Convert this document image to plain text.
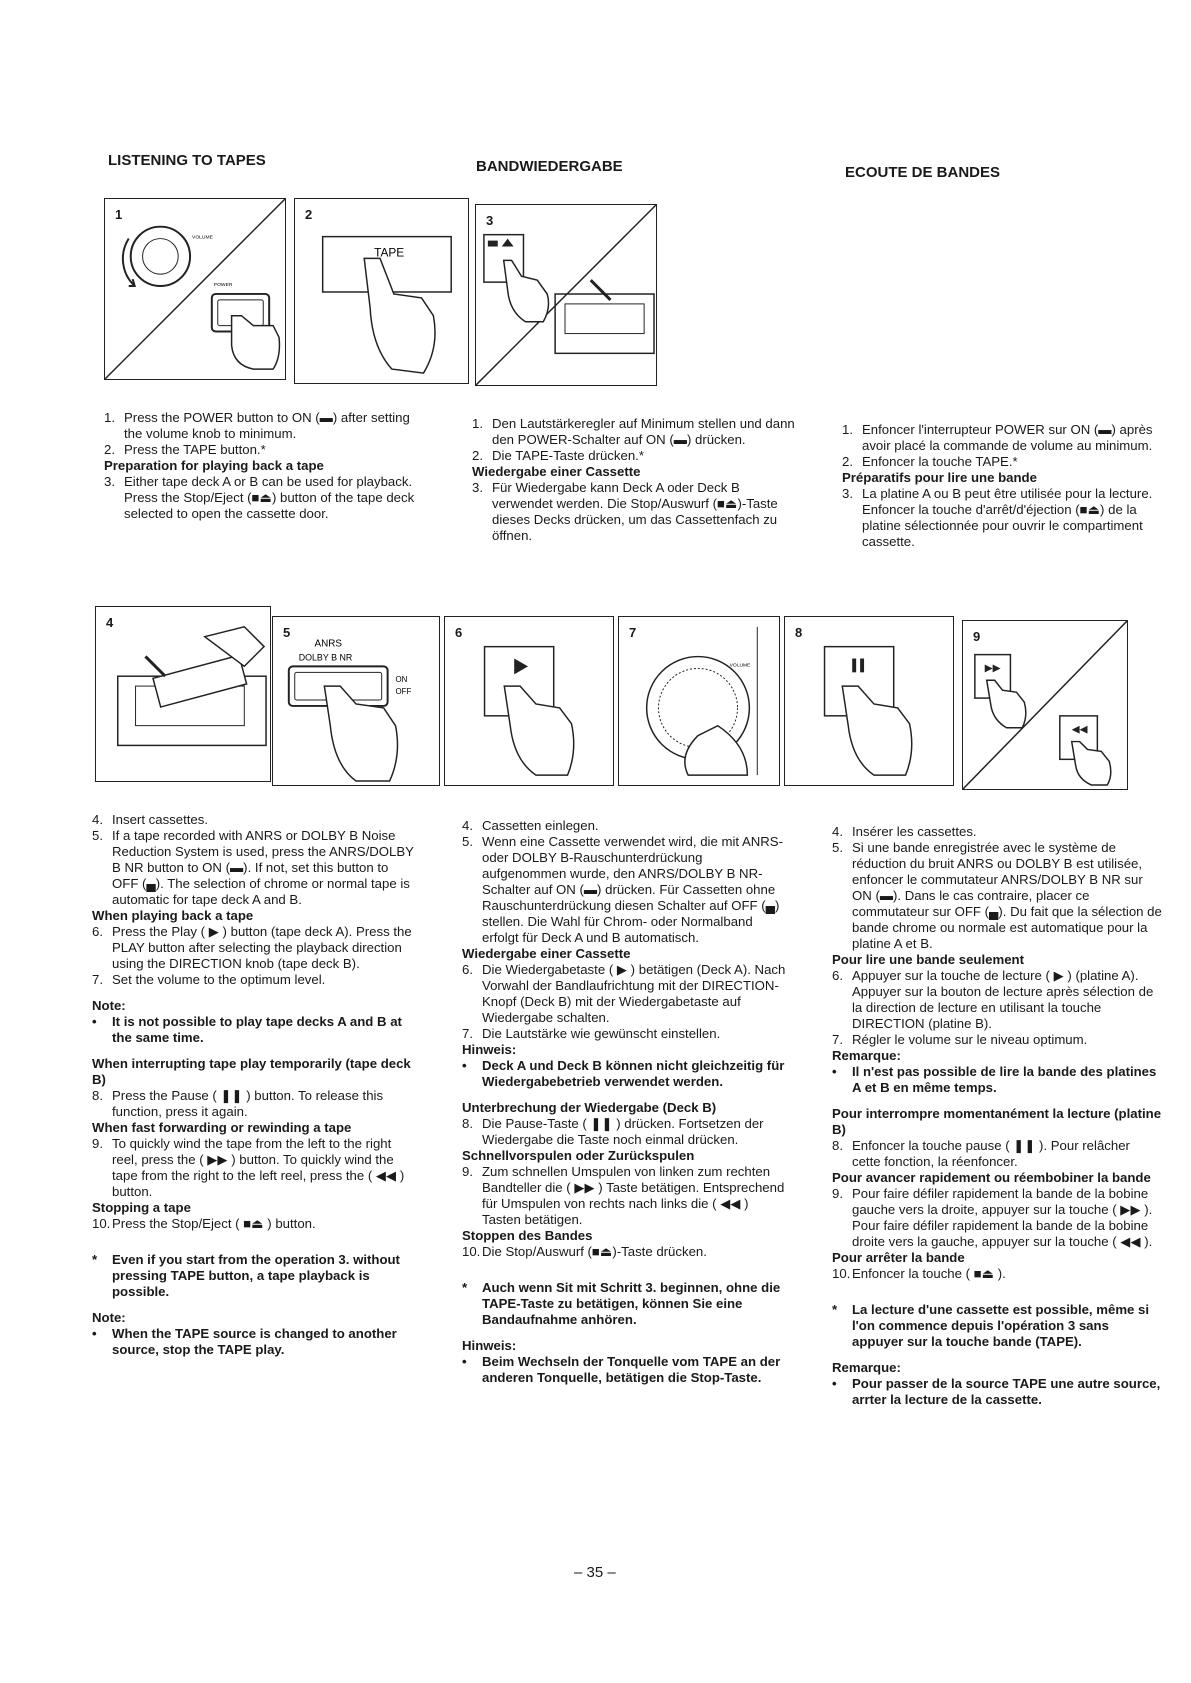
LISTENING TO TAPES	BANDWIEDERGABE	ECOUTE DE BANDES
1
VOLUME
POWER
2
TAPE
3
1. Press the POWER button to ON (▬) after setting the volume knob to minimum.
2. Press the TAPE button.*
Preparation for playing back a tape
3. Either tape deck A or B can be used for playback. Press the Stop/Eject (■⏏) button of the tape deck selected to open the cassette door.
1. Den Lautstärkeregler auf Minimum stellen und dann den POWER-Schalter auf ON (▬) drücken.
2. Die TAPE-Taste drücken.*
Wiedergabe einer Cassette
3. Für Wiedergabe kann Deck A oder Deck B verwendet werden. Die Stop/Auswurf (■⏏)-Taste dieses Decks drücken, um das Cassettenfach zu öffnen.
1. Enfoncer l'interrupteur POWER sur ON (▬) après avoir placé la commande de volume au minimum.
2. Enfoncer la touche TAPE.*
Préparatifs pour lire une bande
3. La platine A ou B peut être utilisée pour la lecture. Enfoncer la touche d'arrêt/d'éjection (■⏏) de la platine sélectionnée pour ouvrir le compartiment cassette.
4
5
ANRS
DOLBY B NR
ON
OFF
6	7
VOLUME
8	9
4. Insert cassettes.
5. If a tape recorded with ANRS or DOLBY B Noise Reduction System is used, press the ANRS/DOLBY B NR button to ON (▬). If not, set this button to OFF (▄). The selection of chrome or normal tape is automatic for tape deck A and B.
When playing back a tape
6. Press the Play ( ▶ ) button (tape deck A). Press the PLAY button after selecting the playback direction using the DIRECTION knob (tape deck B).
7. Set the volume to the optimum level.
Note:
•	It is not possible to play tape decks A and B at the same time.
When interrupting tape play temporarily (tape deck B)
8. Press the Pause ( ❚❚ ) button. To release this function, press it again.
When fast forwarding or rewinding a tape
9. To quickly wind the tape from the left to the right reel, press the ( ▶▶ ) button. To quickly wind the tape from the right to the left reel, press the ( ◀◀ ) button.
Stopping a tape
10. Press the Stop/Eject ( ■⏏ ) button.
*	Even if you start from the operation 3. without pressing TAPE button, a tape playback is possible.
Note:
•	When the TAPE source is changed to another source, stop the TAPE play.
4. Cassetten einlegen.
5. Wenn eine Cassette verwendet wird, die mit ANRS- oder DOLBY B-Rauschunterdrückung aufgenommen wurde, den ANRS/DOLBY B NR-Schalter auf ON (▬) drücken. Für Cassetten ohne Rauschunterdrückung diesen Schalter auf OFF (▄) stellen. Die Wahl für Chrom- oder Normalband erfolgt für Deck A und B automatisch.
Wiedergabe einer Cassette
6. Die Wiedergabetaste ( ▶ ) betätigen (Deck A). Nach Vorwahl der Bandlaufrichtung mit der DIRECTION-Knopf (Deck B) mit der Wiedergabetaste auf Wiedergabe schalten.
7. Die Lautstärke wie gewünscht einstellen.
Hinweis:
•	Deck A und Deck B können nicht gleichzeitig für Wiedergabebetrieb verwendet werden.
Unterbrechung der Wiedergabe (Deck B)
8. Die Pause-Taste ( ❚❚ ) drücken. Fortsetzen der Wiedergabe die Taste noch einmal drücken.
Schnellvorspulen oder Zurückspulen
9. Zum schnellen Umspulen von linken zum rechten Bandteller die ( ▶▶ ) Taste betätigen. Entsprechend für Umspulen von rechts nach links die ( ◀◀ ) Tasten betätigen.
Stoppen des Bandes
10. Die Stop/Auswurf (■⏏)-Taste drücken.
*	Auch wenn Sit mit Schritt 3. beginnen, ohne die TAPE-Taste zu betätigen, können Sie eine Bandaufnahme anhören.
Hinweis:
•	Beim Wechseln der Tonquelle vom TAPE an der anderen Tonquelle, betätigen die Stop-Taste.
4. Insérer les cassettes.
5. Si une bande enregistrée avec le système de réduction du bruit ANRS ou DOLBY B est utilisée, enfoncer le commutateur ANRS/DOLBY B NR sur ON (▬). Dans le cas contraire, placer ce commutateur sur OFF (▄). Du fait que la sélection de bande chrome ou normale est automatique pour la platine A et B.
Pour lire une bande seulement
6. Appuyer sur la touche de lecture ( ▶ ) (platine A). Appuyer sur la bouton de lecture après sélection de la direction de lecture en utilisant la touche DIRECTION (platine B).
7. Régler le volume sur le niveau optimum.
Remarque:
•	Il n'est pas possible de lire la bande des platines A et B en même temps.
Pour interrompre momentanément la lecture (platine B)
8. Enfoncer la touche pause ( ❚❚ ). Pour relâcher cette fonction, la réenfoncer.
Pour avancer rapidement ou réembobiner la bande
9. Pour faire défiler rapidement la bande de la bobine gauche vers la droite, appuyer sur la touche ( ▶▶ ). Pour faire défiler rapidement la bande de la bobine droite vers la gauche, appuyer sur la touche ( ◀◀ ).
Pour arrêter la bande
10. Enfoncer la touche ( ■⏏ ).
*	La lecture d'une cassette est possible, même si l'on commence depuis l'opération 3 sans appuyer sur la touche bande (TAPE).
Remarque:
•	Pour passer de la source TAPE une autre source, arrter la lecture de la cassette.
– 35 –
